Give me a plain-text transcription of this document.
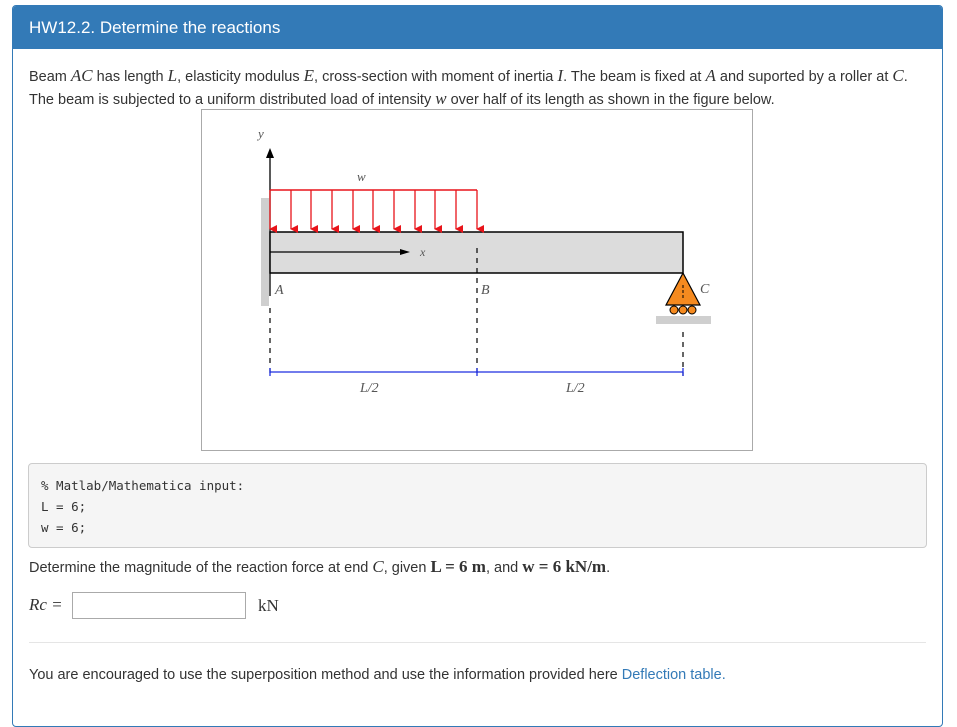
HW12.2. Determine the reactions
Beam AC has length L, elasticity modulus E, cross-section with moment of inertia I. The beam is fixed at A and suported by a roller at C. The beam is subjected to a uniform distributed load of intensity w over half of its length as shown in the figure below.
y
x
w
A	B	C
L/2	L/2
% Matlab/Mathematica input:
L = 6;
w = 6;
Determine the magnitude of the reaction force at end C, given L = 6 m, and w = 6 kN/m.
Rc =	kN
You are encouraged to use the superposition method and use the information provided here Deflection table.
